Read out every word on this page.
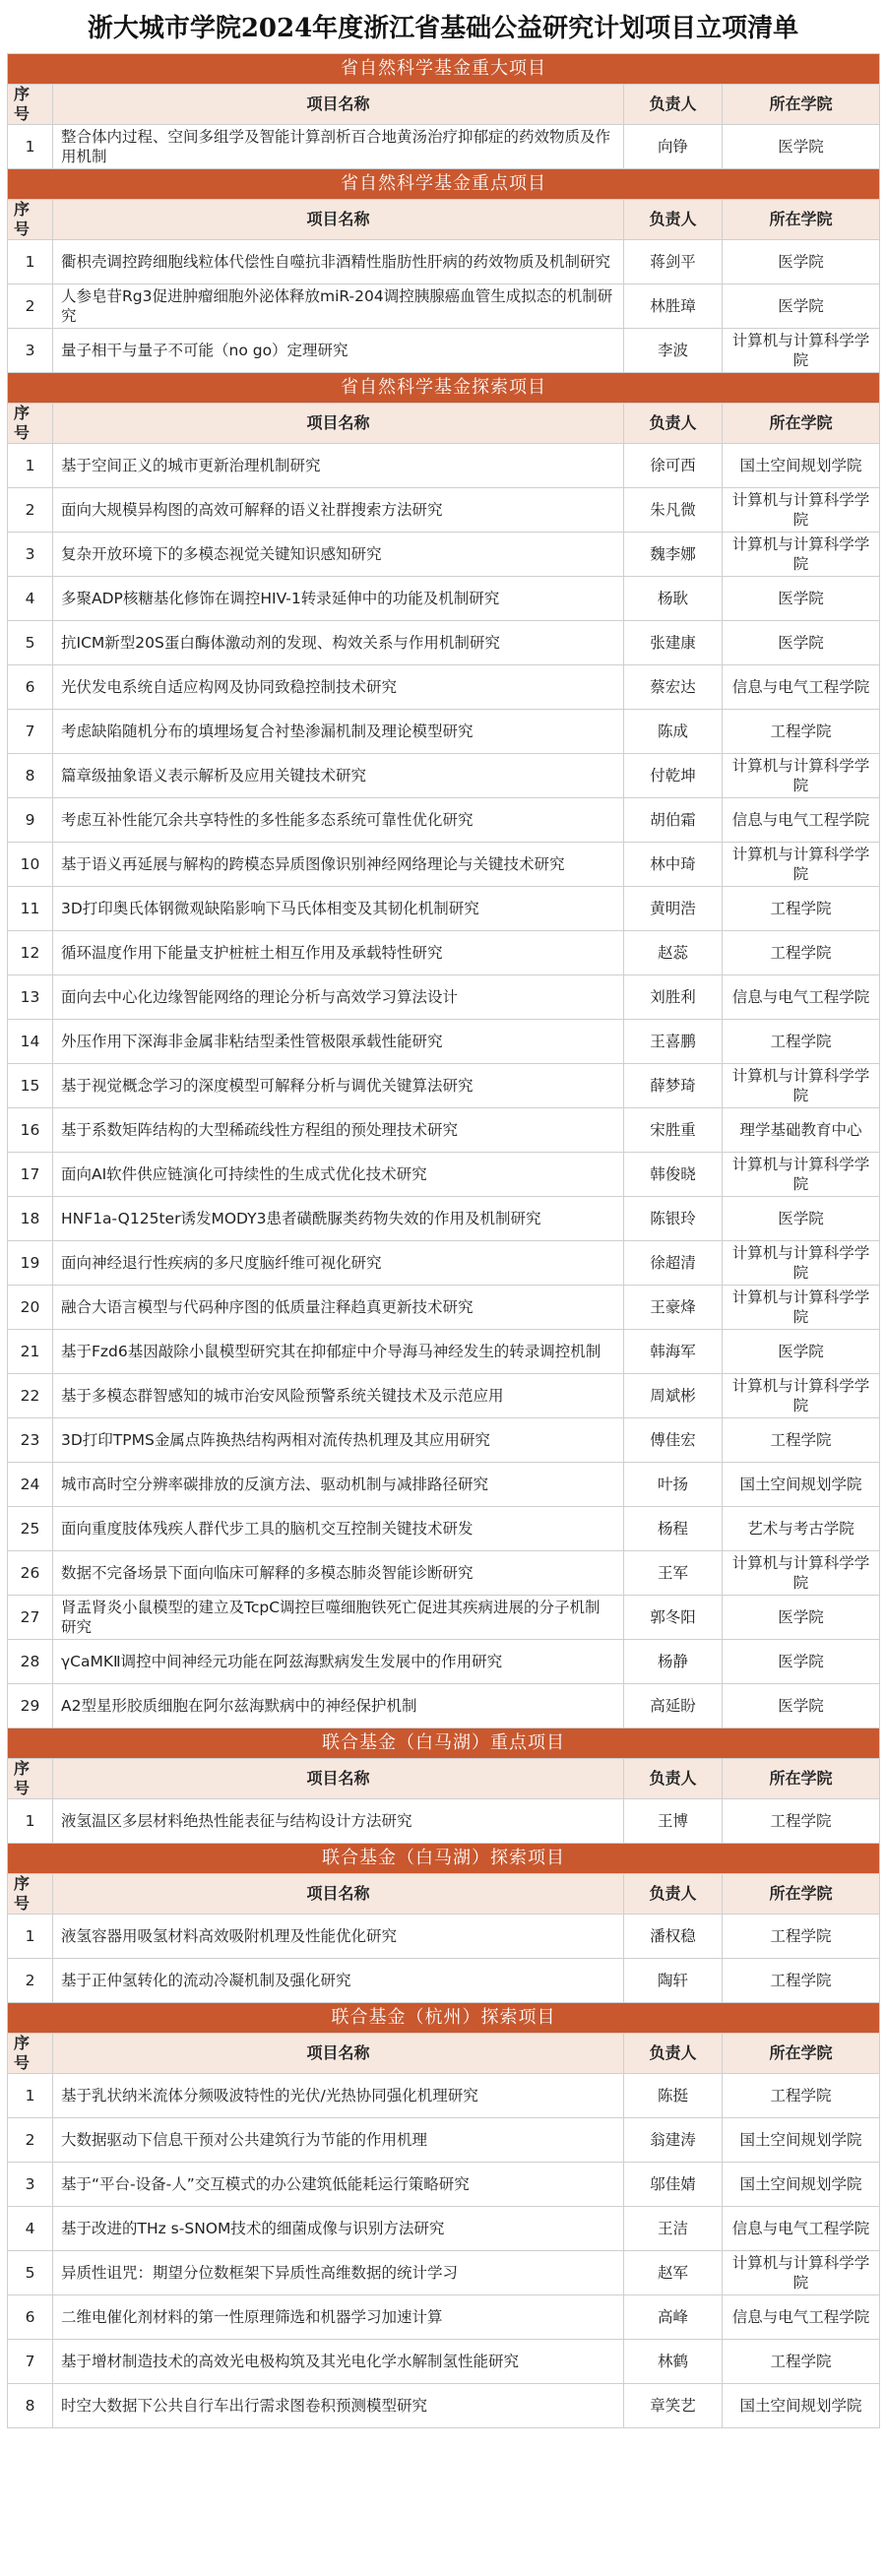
浙大城市学院2024年度浙江省基础公益研究计划项目立项清单
省自然科学基金重大项目			
序号	项目名称	负责人	所在学院
1	整合体内过程、空间多组学及智能计算剖析百合地黄汤治疗抑郁症的药效物质及作用机制	向铮	医学院
省自然科学基金重点项目			
序号	项目名称	负责人	所在学院
1	衢枳壳调控跨细胞线粒体代偿性自噬抗非酒精性脂肪性肝病的药效物质及机制研究	蒋剑平	医学院
2	人参皂苷Rg3促进肿瘤细胞外泌体释放miR-204调控胰腺癌血管生成拟态的机制研究	林胜璋	医学院
3	量子相干与量子不可能（no go）定理研究	李波	计算机与计算科学学院
省自然科学基金探索项目			
序号	项目名称	负责人	所在学院
1	基于空间正义的城市更新治理机制研究	徐可西	国土空间规划学院
2	面向大规模异构图的高效可解释的语义社群搜索方法研究	朱凡微	计算机与计算科学学院
3	复杂开放环境下的多模态视觉关键知识感知研究	魏李娜	计算机与计算科学学院
4	多聚ADP核糖基化修饰在调控HIV-1转录延伸中的功能及机制研究	杨耿	医学院
5	抗ICM新型20S蛋白酶体激动剂的发现、构效关系与作用机制研究	张建康	医学院
6	光伏发电系统自适应构网及协同致稳控制技术研究	蔡宏达	信息与电气工程学院
7	考虑缺陷随机分布的填埋场复合衬垫渗漏机制及理论模型研究	陈成	工程学院
8	篇章级抽象语义表示解析及应用关键技术研究	付乾坤	计算机与计算科学学院
9	考虑互补性能冗余共享特性的多性能多态系统可靠性优化研究	胡伯霜	信息与电气工程学院
10	基于语义再延展与解构的跨模态异质图像识别神经网络理论与关键技术研究	林中琦	计算机与计算科学学院
11	3D打印奥氏体钢微观缺陷影响下马氏体相变及其韧化机制研究	黄明浩	工程学院
12	循环温度作用下能量支护桩桩土相互作用及承载特性研究	赵蕊	工程学院
13	面向去中心化边缘智能网络的理论分析与高效学习算法设计	刘胜利	信息与电气工程学院
14	外压作用下深海非金属非粘结型柔性管极限承载性能研究	王喜鹏	工程学院
15	基于视觉概念学习的深度模型可解释分析与调优关键算法研究	薛梦琦	计算机与计算科学学院
16	基于系数矩阵结构的大型稀疏线性方程组的预处理技术研究	宋胜重	理学基础教育中心
17	面向AI软件供应链演化可持续性的生成式优化技术研究	韩俊晓	计算机与计算科学学院
18	HNF1a-Q125ter诱发MODY3患者磺酰脲类药物失效的作用及机制研究	陈银玲	医学院
19	面向神经退行性疾病的多尺度脑纤维可视化研究	徐超清	计算机与计算科学学院
20	融合大语言模型与代码种序图的低质量注释趋真更新技术研究	王豪烽	计算机与计算科学学院
21	基于Fzd6基因敲除小鼠模型研究其在抑郁症中介导海马神经发生的转录调控机制	韩海军	医学院
22	基于多模态群智感知的城市治安风险预警系统关键技术及示范应用	周斌彬	计算机与计算科学学院
23	3D打印TPMS金属点阵换热结构两相对流传热机理及其应用研究	傅佳宏	工程学院
24	城市高时空分辨率碳排放的反演方法、驱动机制与减排路径研究	叶扬	国土空间规划学院
25	面向重度肢体残疾人群代步工具的脑机交互控制关键技术研发	杨程	艺术与考古学院
26	数据不完备场景下面向临床可解释的多模态肺炎智能诊断研究	王军	计算机与计算科学学院
27	肾盂肾炎小鼠模型的建立及TcpC调控巨噬细胞铁死亡促进其疾病进展的分子机制研究	郭冬阳	医学院
28	γCaMKⅡ调控中间神经元功能在阿兹海默病发生发展中的作用研究	杨静	医学院
29	A2型星形胶质细胞在阿尔兹海默病中的神经保护机制	高延盼	医学院
联合基金（白马湖）重点项目			
序号	项目名称	负责人	所在学院
1	液氢温区多层材料绝热性能表征与结构设计方法研究	王博	工程学院
联合基金（白马湖）探索项目			
序号	项目名称	负责人	所在学院
1	液氢容器用吸氢材料高效吸附机理及性能优化研究	潘权稳	工程学院
2	基于正仲氢转化的流动冷凝机制及强化研究	陶轩	工程学院
联合基金（杭州）探索项目			
序号	项目名称	负责人	所在学院
1	基于乳状纳米流体分频吸波特性的光伏/光热协同强化机理研究	陈挺	工程学院
2	大数据驱动下信息干预对公共建筑行为节能的作用机理	翁建涛	国土空间规划学院
3	基于“平台-设备-人”交互模式的办公建筑低能耗运行策略研究	邬佳婧	国土空间规划学院
4	基于改进的THz s-SNOM技术的细菌成像与识别方法研究	王洁	信息与电气工程学院
5	异质性诅咒：期望分位数框架下异质性高维数据的统计学习	赵军	计算机与计算科学学院
6	二维电催化剂材料的第一性原理筛选和机器学习加速计算	高峰	信息与电气工程学院
7	基于增材制造技术的高效光电极构筑及其光电化学水解制氢性能研究	林鹤	工程学院
8	时空大数据下公共自行车出行需求图卷积预测模型研究	章笑艺	国土空间规划学院
